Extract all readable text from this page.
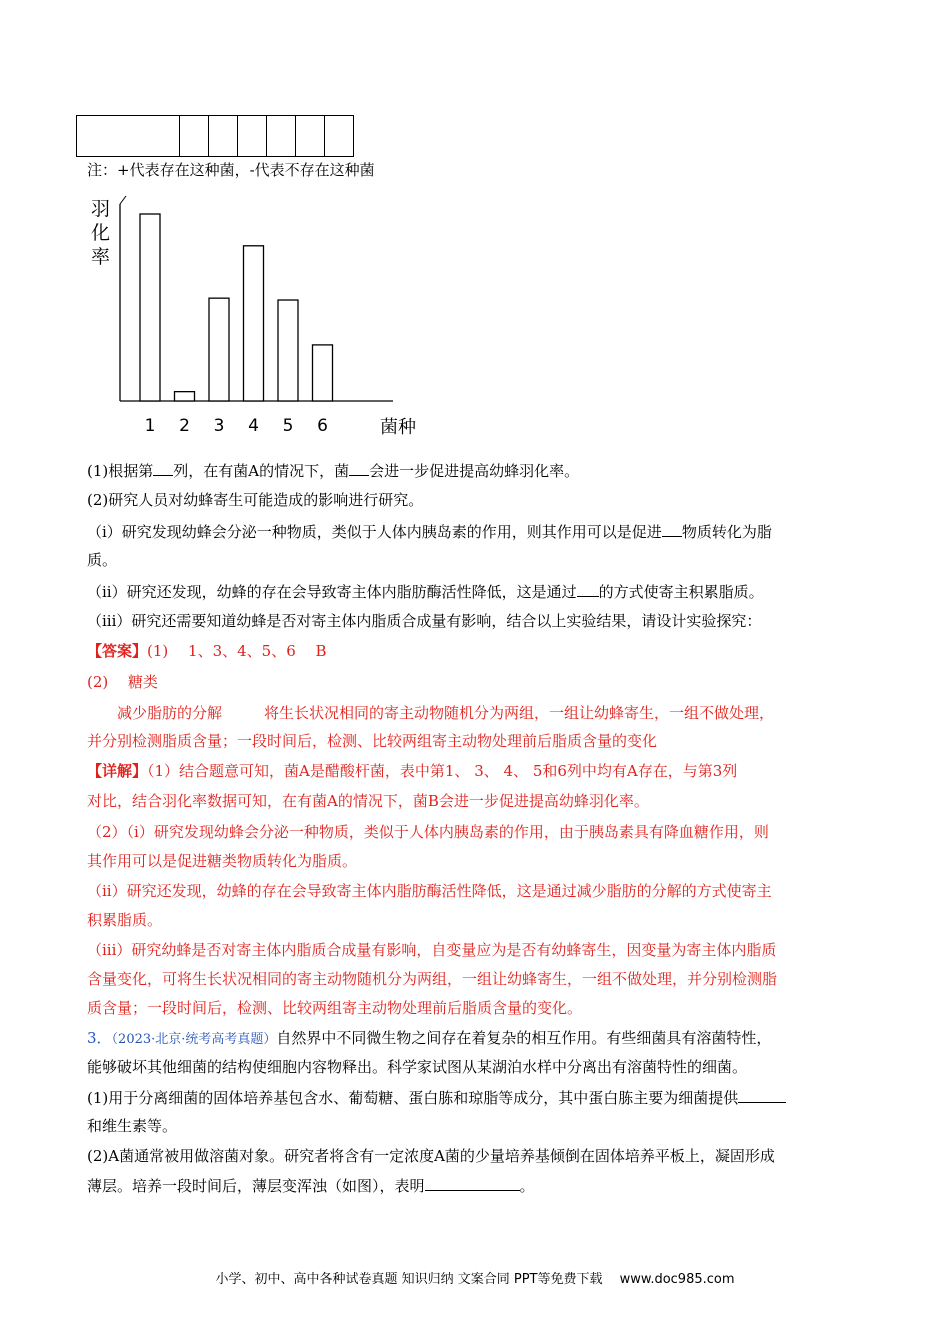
注：+代表存在这种菌，-代表不存在这种菌
羽
化
率
1 2 3 4 5 6	菌种
(1)根据第 列，在有菌A的情况下，菌 会进一步促进提高幼蜂羽化率。
(2)研究人员对幼蜂寄生可能造成的影响进行研究。
（i）研究发现幼蜂会分泌一种物质，类似于人体内胰岛素的作用，则其作用可以是促进 物质转化为脂
质。
（ii）研究还发现，幼蜂的存在会导致寄主体内脂肪酶活性降低，这是通过 的方式使寄主积累脂质。
（iii）研究还需要知道幼蜂是否对寄主体内脂质合成量有影响，结合以上实验结果，请设计实验探究：
【答案】(1)　 1、3、4、5、6　 B
(2)　 糖类
减少脂肪的分解	将生长状况相同的寄主动物随机分为两组，一组让幼蜂寄生，一组不做处理，
并分别检测脂质含量；一段时间后，检测、比较两组寄主动物处理前后脂质含量的变化
【详解】（1）结合题意可知，菌A是醋酸杆菌，表中第1、 3、 4、 5和6列中均有A存在，与第3列
对比，结合羽化率数据可知，在有菌A的情况下，菌B会进一步促进提高幼蜂羽化率。
（2）（i）研究发现幼蜂会分泌一种物质，类似于人体内胰岛素的作用，由于胰岛素具有降血糖作用，则
其作用可以是促进糖类物质转化为脂质。
（ii）研究还发现，幼蜂的存在会导致寄主体内脂肪酶活性降低，这是通过减少脂肪的分解的方式使寄主
积累脂质。
（iii）研究幼蜂是否对寄主体内脂质合成量有影响，自变量应为是否有幼蜂寄生，因变量为寄主体内脂质
含量变化，可将生长状况相同的寄主动物随机分为两组，一组让幼蜂寄生，一组不做处理，并分别检测脂
质含量；一段时间后，检测、比较两组寄主动物处理前后脂质含量的变化。
3．（2023·北京·统考高考真题）自然界中不同微生物之间存在着复杂的相互作用。有些细菌具有溶菌特性，
能够破坏其他细菌的结构使细胞内容物释出。科学家试图从某湖泊水样中分离出有溶菌特性的细菌。
(1)用于分离细菌的固体培养基包含水、葡萄糖、蛋白胨和琼脂等成分，其中蛋白胨主要为细菌提供
和维生素等。
(2)A菌通常被用做溶菌对象。研究者将含有一定浓度A菌的少量培养基倾倒在固体培养平板上，凝固形成
薄层。培养一段时间后，薄层变浑浊（如图），表明	。
小学、初中、高中各种试卷真题 知识归纳 文案合同 PPT等免费下载　 www.doc985.com
